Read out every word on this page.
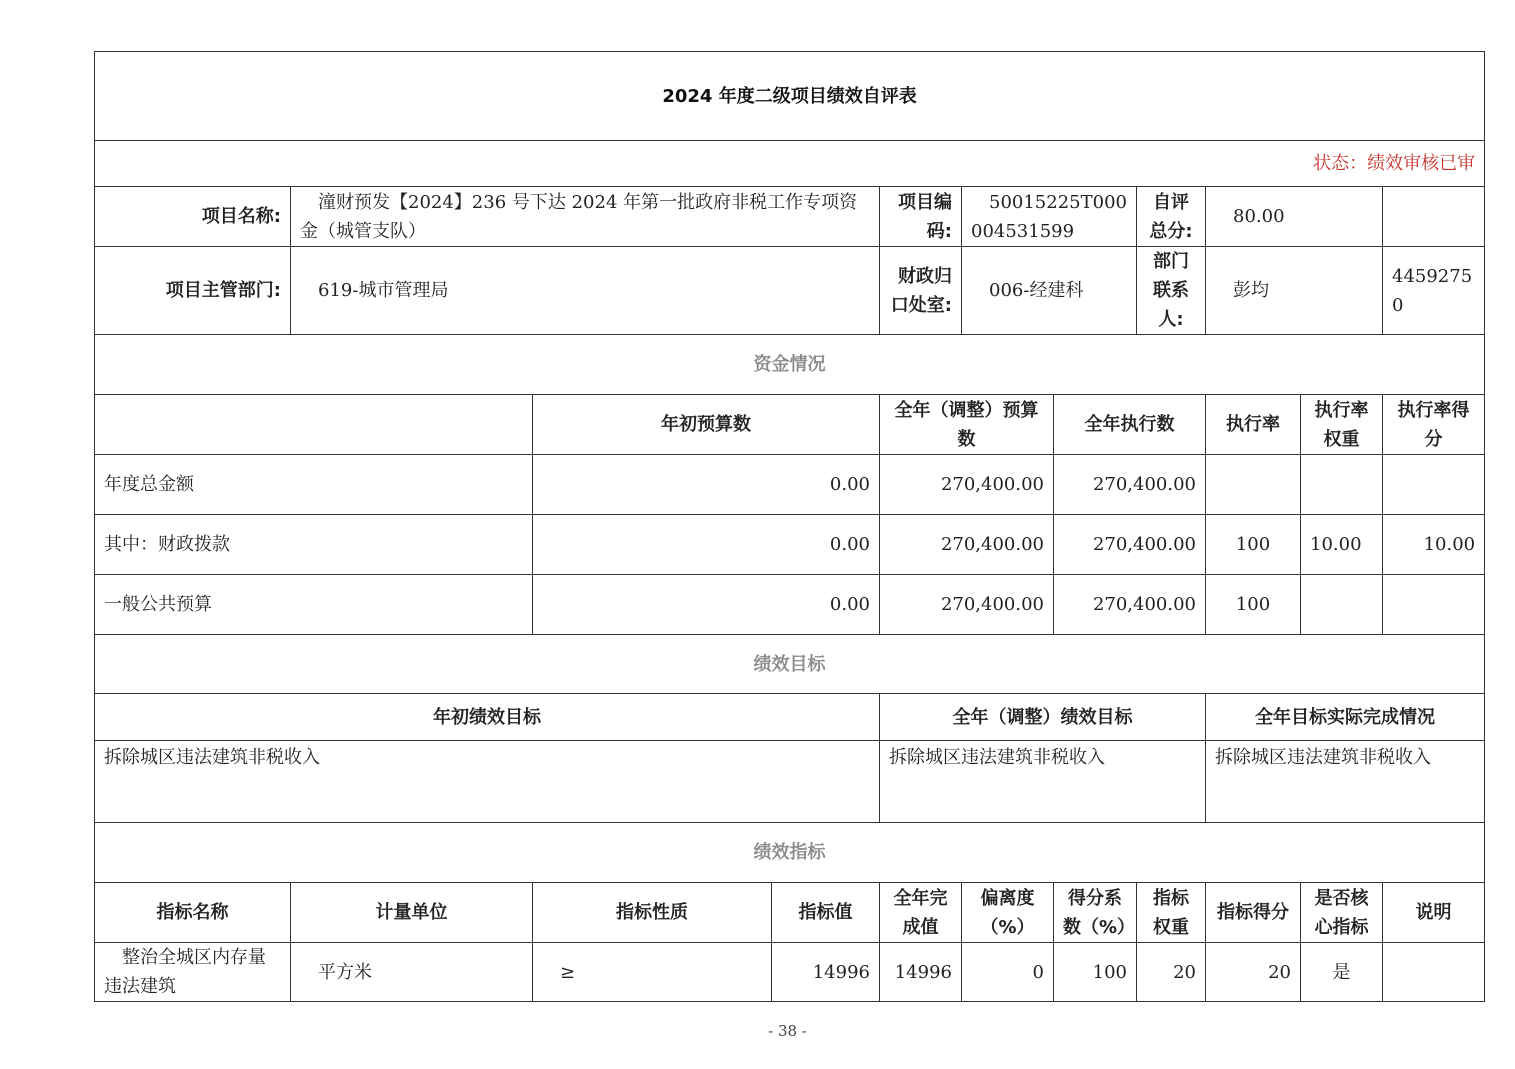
2024 年度二级项目绩效自评表										
状态：绩效审核已审										
项目名称:	潼财预发【2024】236 号下达 2024 年第一批政府非税工作专项资金（城管支队）			项目编码:	50015225T000004531599		自评总分:	80.00		
项目主管部门:	619-城市管理局			财政归口处室:	006-经建科		部门联系人:	彭均		44592750
资金情况										
		年初预算数		全年（调整）预算数		全年执行数		执行率	执行率权重	执行率得分
年度总金额		0.00		270,400.00		270,400.00				
其中：财政拨款		0.00		270,400.00		270,400.00		100	10.00	10.00
一般公共预算		0.00		270,400.00		270,400.00		100		
绩效目标										
年初绩效目标				全年（调整）绩效目标				全年目标实际完成情况		
拆除城区违法建筑非税收入				拆除城区违法建筑非税收入				拆除城区违法建筑非税收入		
绩效指标										
指标名称	计量单位	指标性质	指标值	全年完成值	偏离度（%）	得分系数（%）	指标权重	指标得分	是否核心指标	说明
整治全城区内存量违法建筑	平方米	≥	14996	14996	0	100	20	20	是	
- 38 -
